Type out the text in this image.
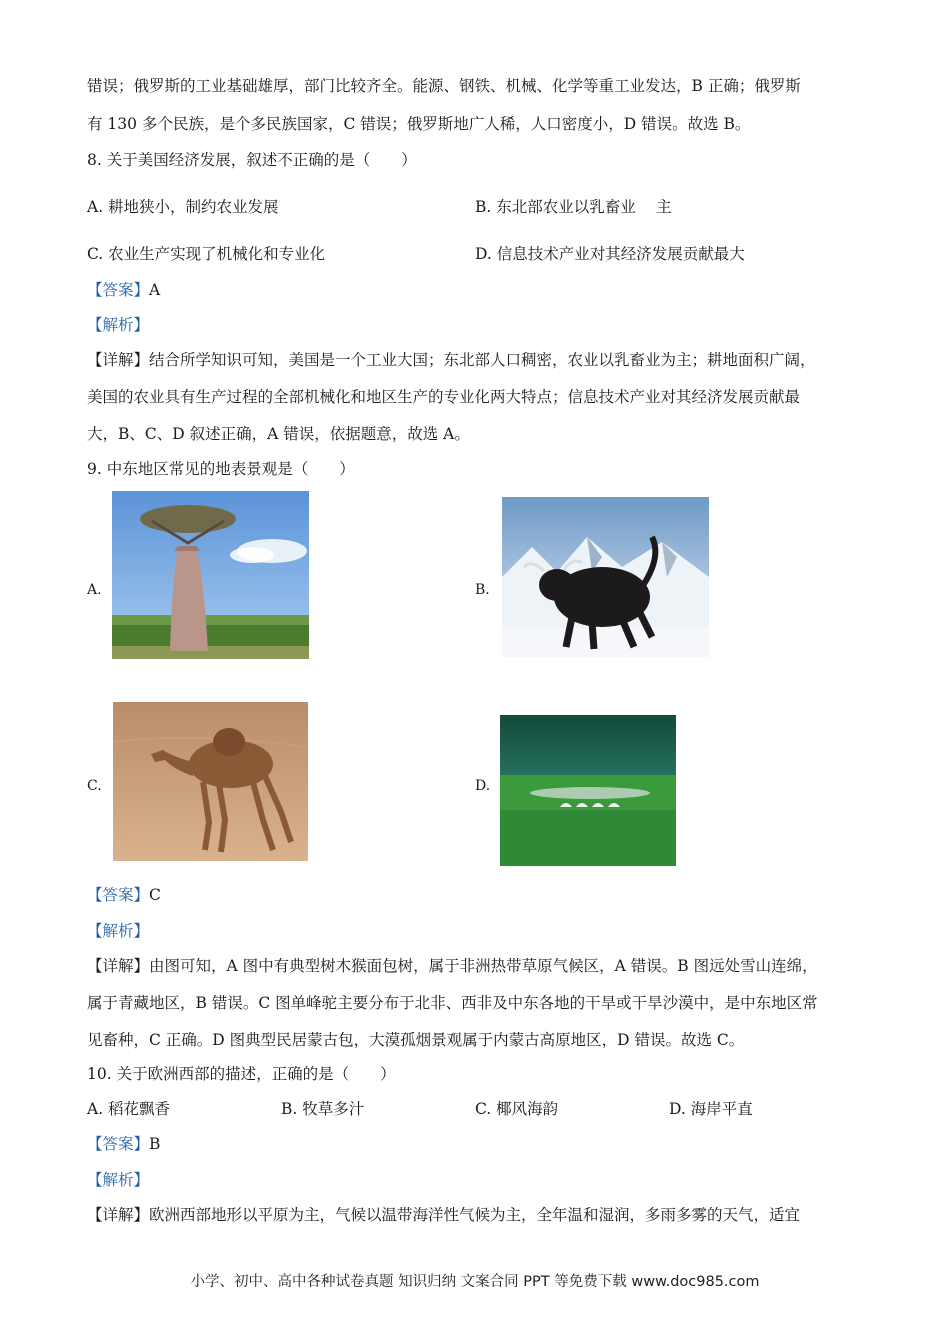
错误；俄罗斯的工业基础雄厚，部门比较齐全。能源、钢铁、机械、化学等重工业发达，B 正确；俄罗斯
有 130 多个民族，是个多民族国家，C 错误；俄罗斯地广人稀，人口密度小，D 错误。故选 B。
8. 关于美国经济发展，叙述不正确的是（　　）
A. 耕地狭小，制约农业发展	B. 东北部农业以乳畜业　 主
C. 农业生产实现了机械化和专业化	D. 信息技术产业对其经济发展贡献最大
【答案】A
【解析】
【详解】结合所学知识可知，美国是一个工业大国；东北部人口稠密，农业以乳畜业为主；耕地面积广阔，
美国的农业具有生产过程的全部机械化和地区生产的专业化两大特点；信息技术产业对其经济发展贡献最
大，B、C、D 叙述正确，A 错误，依据题意，故选 A。
9. 中东地区常见的地表景观是（　　）
A.	B.
C.	D.
【答案】C
【解析】
【详解】由图可知，A 图中有典型树木猴面包树，属于非洲热带草原气候区，A 错误。B 图远处雪山连绵，
属于青藏地区，B 错误。C 图单峰驼主要分布于北非、西非及中东各地的干旱或干旱沙漠中，是中东地区常
见畜种，C 正确。D 图典型民居蒙古包，大漠孤烟景观属于内蒙古高原地区，D 错误。故选 C。
10. 关于欧洲西部的描述，正确的是（　　）
A. 稻花飘香	B. 牧草多汁	C. 椰风海韵	D. 海岸平直
【答案】B
【解析】
【详解】欧洲西部地形以平原为主，气候以温带海洋性气候为主，全年温和湿润，多雨多雾的天气，适宜
小学、初中、高中各种试卷真题 知识归纳 文案合同 PPT 等免费下载 www.doc985.com
